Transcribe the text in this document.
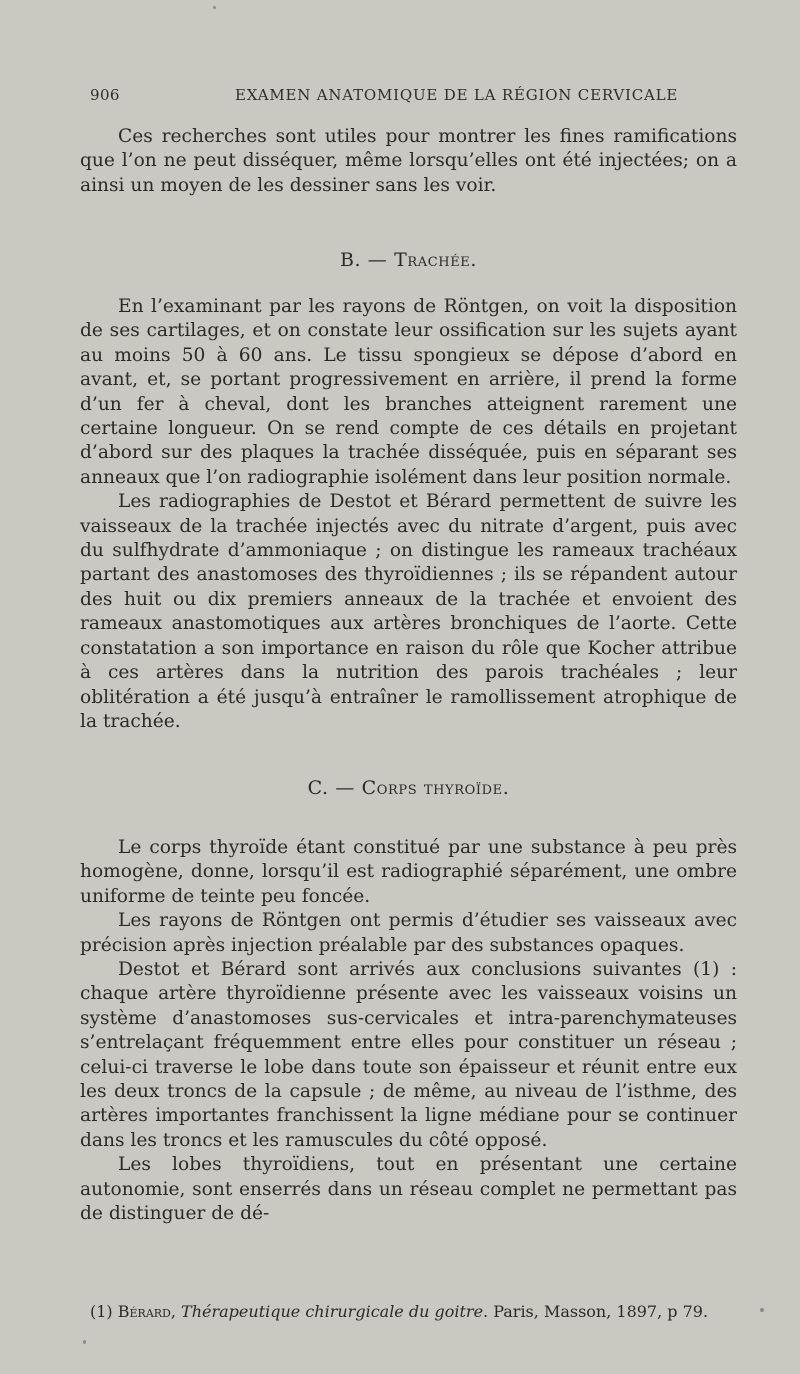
906	EXAMEN ANATOMIQUE DE LA RÉGION CERVICALE

Ces recherches sont utiles pour montrer les fines ramifications que l’on ne peut disséquer, même lorsqu’elles ont été injectées; on a ainsi un moyen de les dessiner sans les voir.

B. — Trachée.

En l’examinant par les rayons de Röntgen, on voit la disposition de ses cartilages, et on constate leur ossification sur les sujets ayant au moins 50 à 60 ans. Le tissu spongieux se dépose d’abord en avant, et, se portant progressivement en arrière, il prend la forme d’un fer à cheval, dont les branches atteignent rarement une certaine longueur. On se rend compte de ces détails en projetant d’abord sur des plaques la trachée disséquée, puis en séparant ses anneaux que l’on radiographie isolément dans leur position normale.

Les radiographies de Destot et Bérard permettent de suivre les vaisseaux de la trachée injectés avec du nitrate d’argent, puis avec du sulfhydrate d’ammoniaque ; on distingue les rameaux trachéaux partant des anastomoses des thyroïdiennes ; ils se répandent autour des huit ou dix premiers anneaux de la trachée et envoient des rameaux anastomotiques aux artères bronchiques de l’aorte. Cette constatation a son importance en raison du rôle que Kocher attribue à ces artères dans la nutrition des parois trachéales ; leur oblitération a été jusqu’à entraîner le ramollissement atrophique de la trachée.

C. — Corps thyroïde.

Le corps thyroïde étant constitué par une substance à peu près homogène, donne, lorsqu’il est radiographié séparément, une ombre uniforme de teinte peu foncée.

Les rayons de Röntgen ont permis d’étudier ses vaisseaux avec précision après injection préalable par des substances opaques.

Destot et Bérard sont arrivés aux conclusions suivantes (1) : chaque artère thyroïdienne présente avec les vaisseaux voisins un système d’anastomoses sus-cervicales et intra-parenchymateuses s’entrelaçant fréquemment entre elles pour constituer un réseau ; celui-ci traverse le lobe dans toute son épaisseur et réunit entre eux les deux troncs de la capsule ; de même, au niveau de l’isthme, des artères importantes franchissent la ligne médiane pour se continuer dans les troncs et les ramuscules du côté opposé.

Les lobes thyroïdiens, tout en présentant une certaine autonomie, sont enserrés dans un réseau complet ne permettant pas de distinguer de dé-

(1) Bérard, Thérapeutique chirurgicale du goitre. Paris, Masson, 1897, p 79.
